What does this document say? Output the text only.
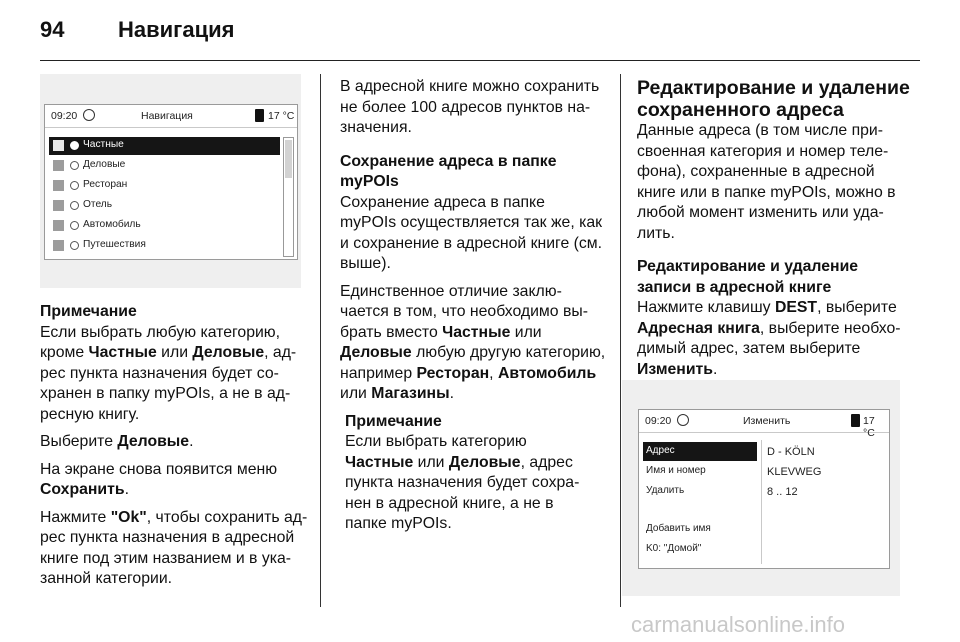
94 Навигация
09:20	Навигация	17 °C
Частные
Деловые
Ресторан
Отель
Автомобиль
Путешествия
Примечание
Если выбрать любую категорию,
кроме Частные или Деловые, ад-
рес пункта назначения будет со-
хранен в папку myPOIs, а не в ад-

ресную книгу.

Выберите Деловые.

На экране снова появится меню
Сохранить.

Нажмите "Ok", чтобы сохранить ад-
рес пункта назначения в адресной
книге под этим названием и в ука-
занной категории.

В адресной книге можно сохранить
не более 100 адресов пунктов на-
значения.

Сохранение адреса в папке
myPOIs

Сохранение адреса в папке
myPOIs осуществляется так же, как
и сохранение в адресной книге (см.
выше).

Единственное отличие заклю-
чается в том, что необходимо вы-
брать вместо Частные или
Деловые любую другую категорию,
например Ресторан, Автомобиль
или Магазины.

Примечание
Если выбрать категорию
Частные или Деловые, адрес
пункта назначения будет сохра-
нен в адресной книге, а не в
папке myPOIs.
Редактирование и удаление
сохраненного адреса

Данные адреса (в том числе при-
своенная категория и номер теле-
фона), сохраненные в адресной
книге или в папке myPOIs, можно в
любой момент изменить или уда-
лить.

Редактирование и удаление
записи в адресной книге

Нажмите клавишу DEST, выберите
Адресная книга, выберите необхо-
димый адрес, затем выберите
Изменить.

09:20	Изменить	17 °C
Адрес
Имя и номер
Удалить
Добавить имя
K0: "Домой"
D - KÖLN
KLEVWEG
8 .. 12
carmanualsonline.info
